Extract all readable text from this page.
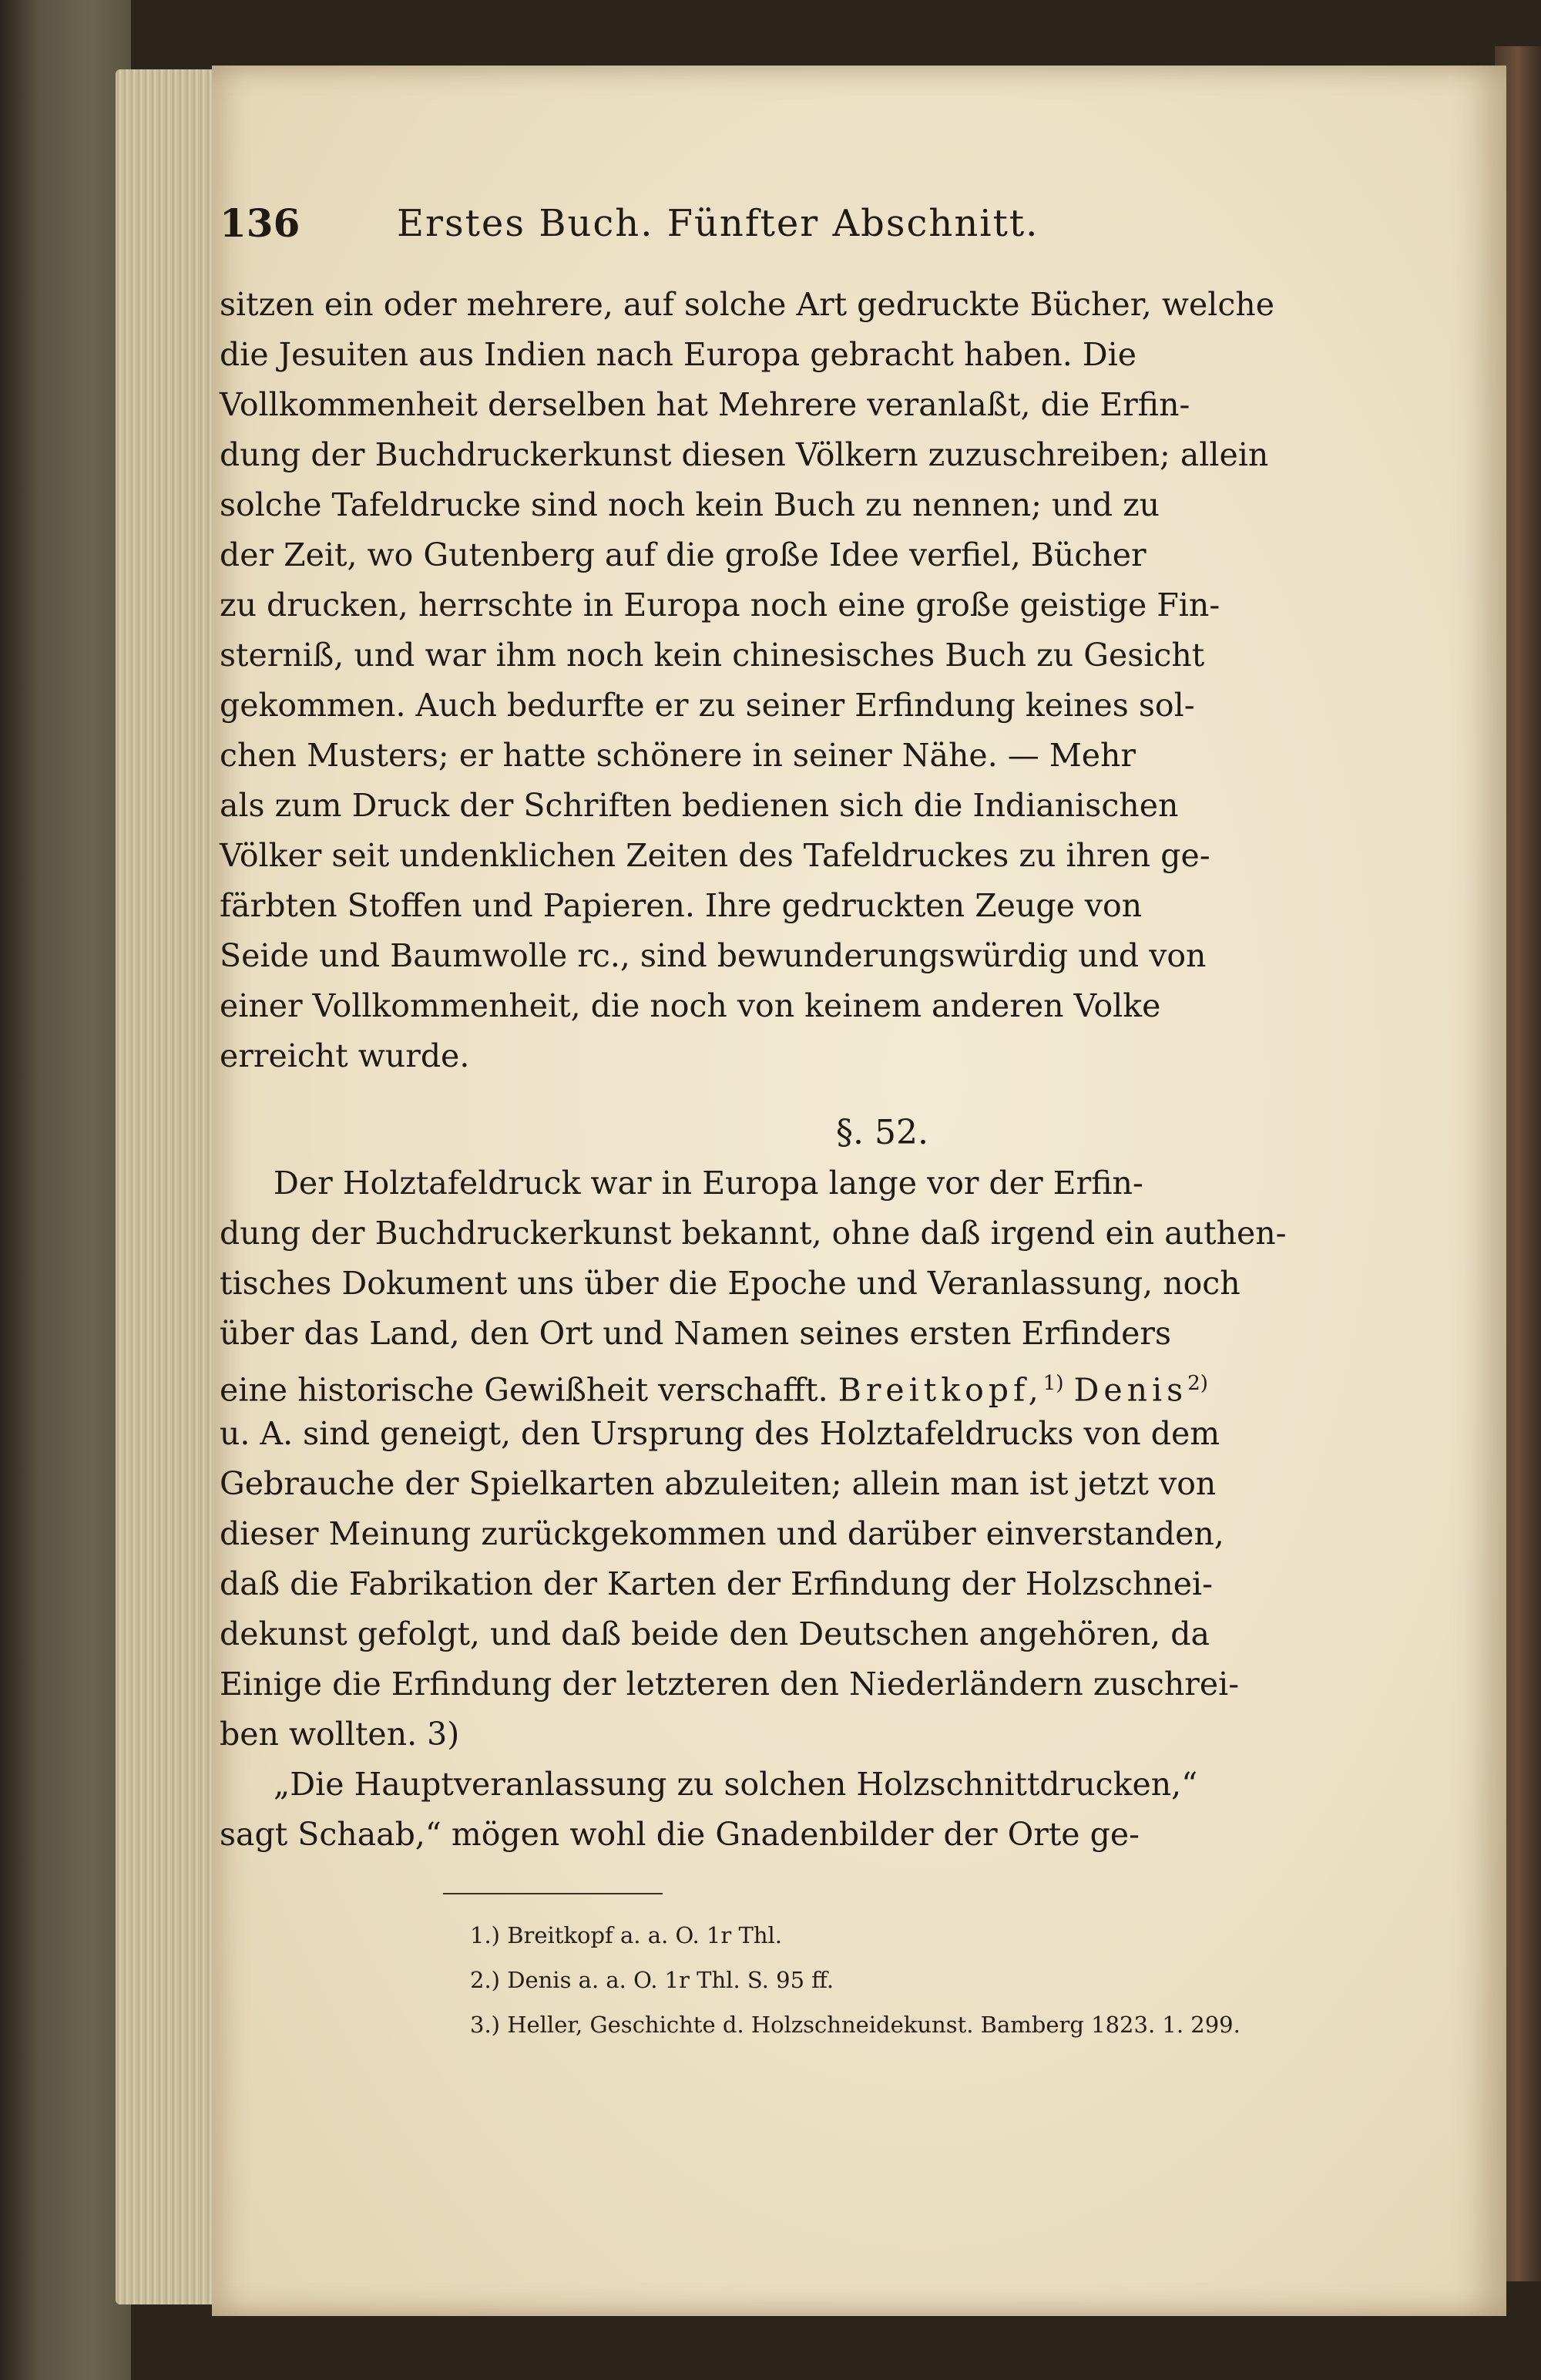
136	Erstes Buch. Fünfter Abschnitt.
sitzen ein oder mehrere, auf solche Art gedruckte Bücher, welche
die Jesuiten aus Indien nach Europa gebracht haben. Die
Vollkommenheit derselben hat Mehrere veranlaßt, die Erfin-
dung der Buchdruckerkunst diesen Völkern zuzuschreiben; allein
solche Tafeldrucke sind noch kein Buch zu nennen; und zu
der Zeit, wo Gutenberg auf die große Idee verfiel, Bücher
zu drucken, herrschte in Europa noch eine große geistige Fin-
sterniß, und war ihm noch kein chinesisches Buch zu Gesicht
gekommen. Auch bedurfte er zu seiner Erfindung keines sol-
chen Musters; er hatte schönere in seiner Nähe. — Mehr
als zum Druck der Schriften bedienen sich die Indianischen
Völker seit undenklichen Zeiten des Tafeldruckes zu ihren ge-
färbten Stoffen und Papieren. Ihre gedruckten Zeuge von
Seide und Baumwolle rc., sind bewunderungswürdig und von
einer Vollkommenheit, die noch von keinem anderen Volke
erreicht wurde.
§. 52.
Der Holztafeldruck war in Europa lange vor der Erfin-
dung der Buchdruckerkunst bekannt, ohne daß irgend ein authen-
tisches Dokument uns über die Epoche und Veranlassung, noch
über das Land, den Ort und Namen seines ersten Erfinders
eine historische Gewißheit verschafft. Breitkopf,$^{1)}$ Denis$^{2)}$
u. A. sind geneigt, den Ursprung des Holztafeldrucks von dem
Gebrauche der Spielkarten abzuleiten; allein man ist jetzt von
dieser Meinung zurückgekommen und darüber einverstanden,
daß die Fabrikation der Karten der Erfindung der Holzschnei-
dekunst gefolgt, und daß beide den Deutschen angehören, da
Einige die Erfindung der letzteren den Niederländern zuschrei-
ben wollten. 3)
„Die Hauptveranlassung zu solchen Holzschnittdrucken,“
sagt Schaab,“ mögen wohl die Gnadenbilder der Orte ge-
1.) Breitkopf a. a. O. 1r Thl.
2.) Denis a. a. O. 1r Thl. S. 95 ff.
3.) Heller, Geschichte d. Holzschneidekunst. Bamberg 1823. 1. 299.
